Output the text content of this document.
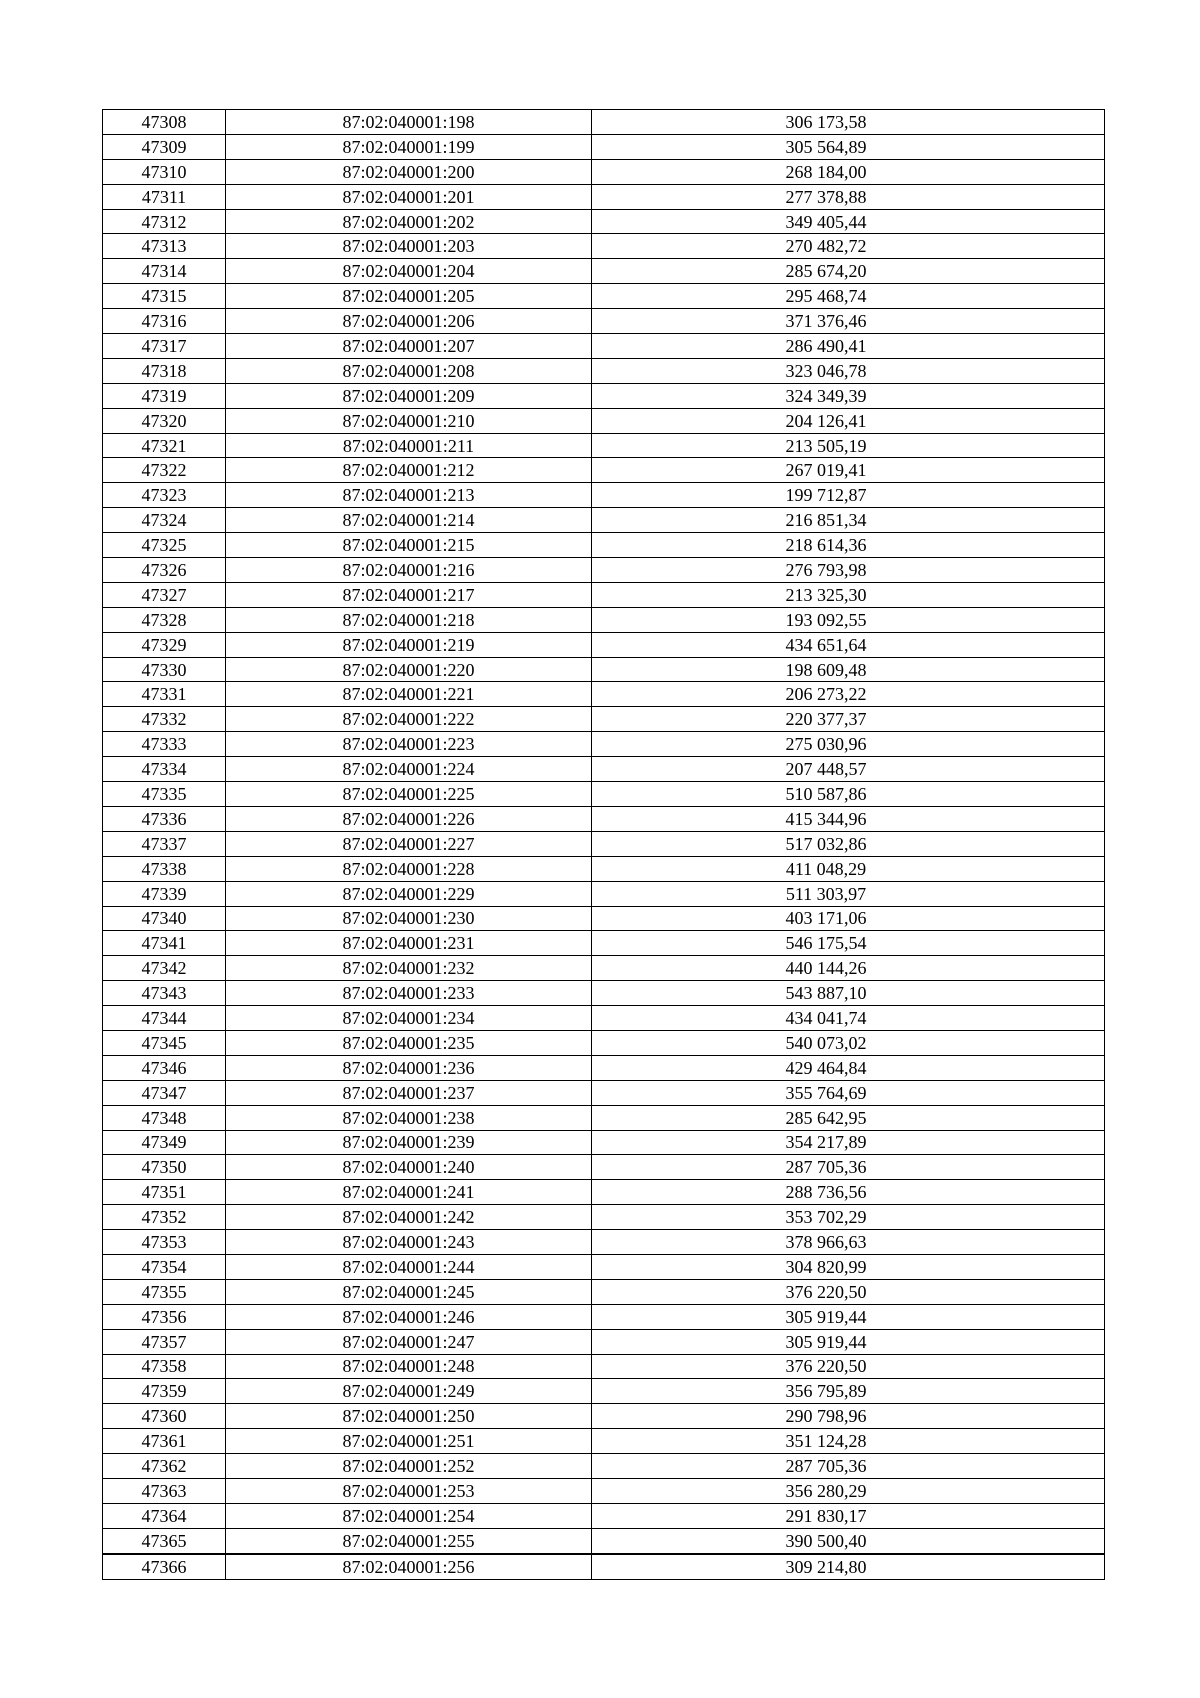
47308	87:02:040001:198	306 173,58
47309	87:02:040001:199	305 564,89
47310	87:02:040001:200	268 184,00
47311	87:02:040001:201	277 378,88
47312	87:02:040001:202	349 405,44
47313	87:02:040001:203	270 482,72
47314	87:02:040001:204	285 674,20
47315	87:02:040001:205	295 468,74
47316	87:02:040001:206	371 376,46
47317	87:02:040001:207	286 490,41
47318	87:02:040001:208	323 046,78
47319	87:02:040001:209	324 349,39
47320	87:02:040001:210	204 126,41
47321	87:02:040001:211	213 505,19
47322	87:02:040001:212	267 019,41
47323	87:02:040001:213	199 712,87
47324	87:02:040001:214	216 851,34
47325	87:02:040001:215	218 614,36
47326	87:02:040001:216	276 793,98
47327	87:02:040001:217	213 325,30
47328	87:02:040001:218	193 092,55
47329	87:02:040001:219	434 651,64
47330	87:02:040001:220	198 609,48
47331	87:02:040001:221	206 273,22
47332	87:02:040001:222	220 377,37
47333	87:02:040001:223	275 030,96
47334	87:02:040001:224	207 448,57
47335	87:02:040001:225	510 587,86
47336	87:02:040001:226	415 344,96
47337	87:02:040001:227	517 032,86
47338	87:02:040001:228	411 048,29
47339	87:02:040001:229	511 303,97
47340	87:02:040001:230	403 171,06
47341	87:02:040001:231	546 175,54
47342	87:02:040001:232	440 144,26
47343	87:02:040001:233	543 887,10
47344	87:02:040001:234	434 041,74
47345	87:02:040001:235	540 073,02
47346	87:02:040001:236	429 464,84
47347	87:02:040001:237	355 764,69
47348	87:02:040001:238	285 642,95
47349	87:02:040001:239	354 217,89
47350	87:02:040001:240	287 705,36
47351	87:02:040001:241	288 736,56
47352	87:02:040001:242	353 702,29
47353	87:02:040001:243	378 966,63
47354	87:02:040001:244	304 820,99
47355	87:02:040001:245	376 220,50
47356	87:02:040001:246	305 919,44
47357	87:02:040001:247	305 919,44
47358	87:02:040001:248	376 220,50
47359	87:02:040001:249	356 795,89
47360	87:02:040001:250	290 798,96
47361	87:02:040001:251	351 124,28
47362	87:02:040001:252	287 705,36
47363	87:02:040001:253	356 280,29
47364	87:02:040001:254	291 830,17
47365	87:02:040001:255	390 500,40
47366	87:02:040001:256	309 214,80
